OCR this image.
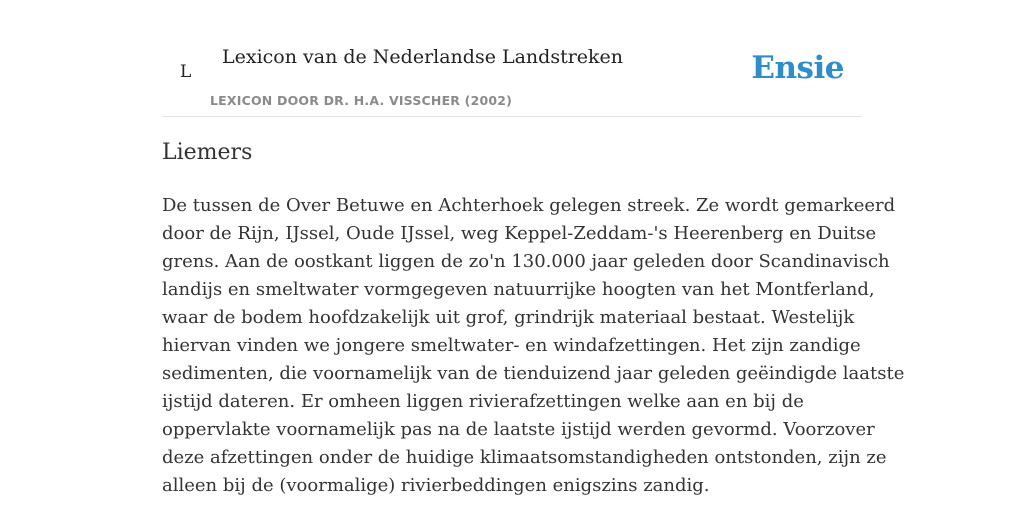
L
Lexicon van de Nederlandse Landstreken
LEXICON DOOR DR. H.A. VISSCHER (2002)
Ensie
Liemers

De tussen de Over Betuwe en Achterhoek gelegen streek. Ze wordt gemarkeerd
door de Rijn, IJssel, Oude IJssel, weg Keppel-Zeddam-'s Heerenberg en Duitse
grens. Aan de oostkant liggen de zo'n 130.000 jaar geleden door Scandinavisch
landijs en smeltwater vormgegeven natuurrijke hoogten van het Montferland,
waar de bodem hoofdzakelijk uit grof, grindrijk materiaal bestaat. Westelijk
hiervan vinden we jongere smeltwater- en windafzettingen. Het zijn zandige
sedimenten, die voornamelijk van de tienduizend jaar geleden geëindigde laatste
ijstijd dateren. Er omheen liggen rivierafzettingen welke aan en bij de
oppervlakte voornamelijk pas na de laatste ijstijd werden gevormd. Voorzover
deze afzettingen onder de huidige klimaatsomstandigheden ontstonden, zijn ze
alleen bij de (voormalige) rivierbeddingen enigszins zandig.
